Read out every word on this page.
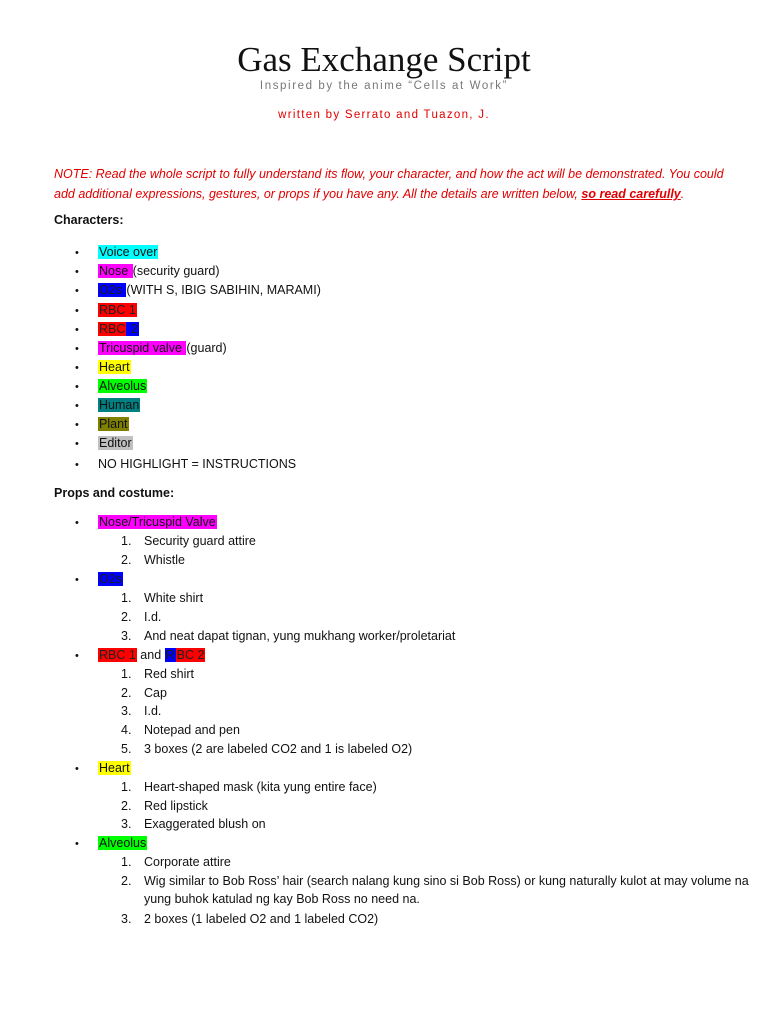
Gas Exchange Script
Inspired by the anime “Cells at Work”
written by Serrato and Tuazon, J.
NOTE: Read the whole script to fully understand its flow, your character, and how the act will be demonstrated. You could add additional expressions, gestures, or props if you have any. All the details are written below, so read carefully.
Characters:
• Voice over
• Nose (security guard)
• O2s (WITH S, IBIG SABIHIN, MARAMI)
• RBC 1
• RBC 2
• Tricuspid valve (guard)
• Heart
• Alveolus
• Human
• Plant
• Editor
• NO HIGHLIGHT = INSTRUCTIONS
Props and costume:
• Nose/Tricuspid Valve
1.	Security guard attire
2.	Whistle
• O2s
1.	White shirt
2.	I.d.
3.	And neat dapat tignan, yung mukhang worker/proletariat
• RBC 1 and R BC 2
1.	Red shirt
2.	Cap
3.	I.d.
4.	Notepad and pen
5.	3 boxes (2 are labeled CO2 and 1 is labeled O2)
• Heart
1.	Heart-shaped mask (kita yung entire face)
2.	Red lipstick
3.	Exaggerated blush on
• Alveolus
1.	Corporate attire
2.	Wig similar to Bob Ross’ hair (search nalang kung sino si Bob Ross) or kung naturally kulot at may volume na yung buhok katulad ng kay Bob Ross no need na.
3.	2 boxes (1 labeled O2 and 1 labeled CO2)
